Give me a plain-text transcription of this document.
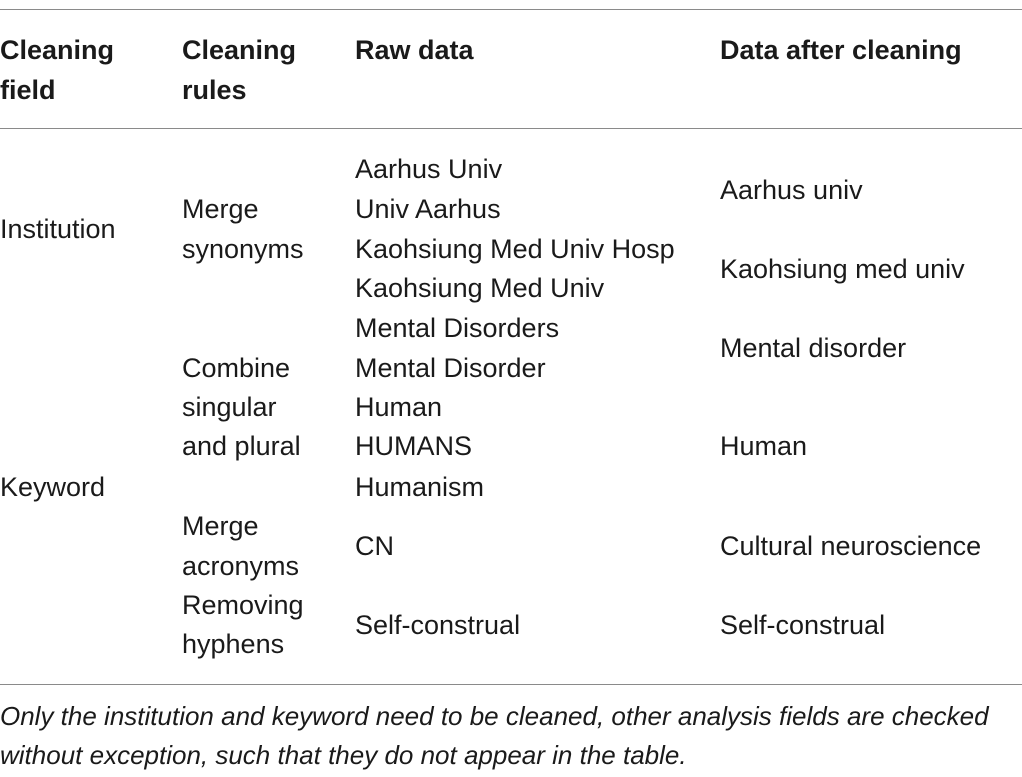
Cleaning
field
Cleaning
rules
Raw data	Data after cleaning
Institution
Keyword
Merge
synonyms
Combine
singular
and plural
Merge
acronyms
Removing
hyphens
Aarhus Univ
Univ Aarhus
Kaohsiung Med Univ Hosp
Kaohsiung Med Univ
Mental Disorders
Mental Disorder
Human
HUMANS
Humanism
CN
Self-construal
Aarhus univ
Kaohsiung med univ
Mental disorder
Human
Cultural neuroscience
Self-construal
Only the institution and keyword need to be cleaned, other analysis fields are checked
without exception, such that they do not appear in the table.
